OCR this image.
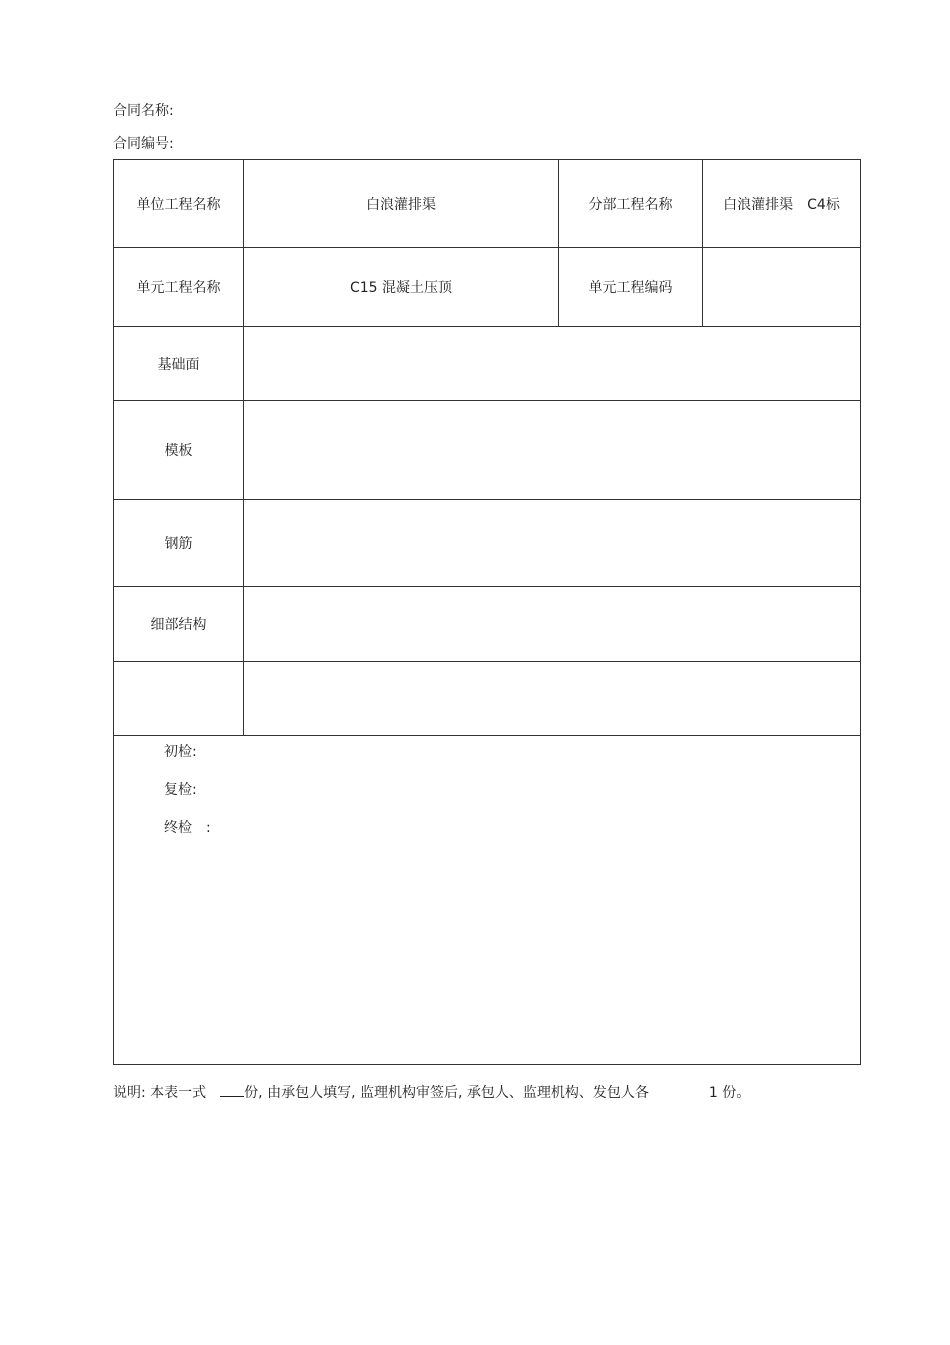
合同名称:
合同编号:
单位工程名称	白浪灌排渠	分部工程名称	白浪灌排渠　C4标
单元工程名称	C15 混凝土压顶	单元工程编码	
基础面			
模板			
钢筋			
细部结构			

初检:
复检:
终检　:			
说明: 本表一式	份, 由承包人填写, 监理机构审签后, 承包人、监理机构、发包人各	1 份。
